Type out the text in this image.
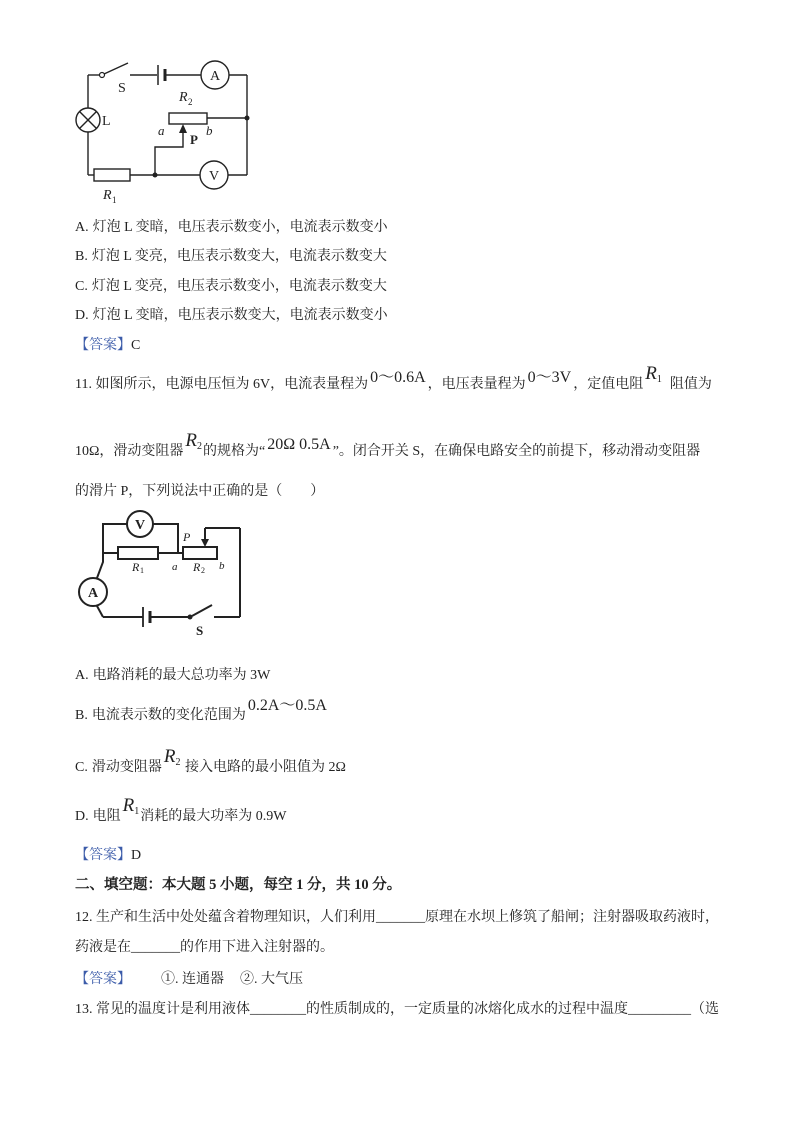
A
S
R 2
a	b
P
L
V
R 1
A. 灯泡 L 变暗，电压表示数变小，电流表示数变小
B. 灯泡 L 变亮，电压表示数变大，电流表示数变大
C. 灯泡 L 变亮，电压表示数变小，电流表示数变大
D. 灯泡 L 变暗，电压表示数变大，电流表示数变小
【答案】C
11. 如图所示，电源电压恒为 6V，电流表量程为 0～0.6A ，电压表量程为 0～3V ，定值电阻R1 阻值为
10Ω，滑动变阻器R2的规格为“ 20Ω 0.5A ”。闭合开关 S，在确保电路安全的前提下，移动滑动变阻器
的滑片 P，下列说法中正确的是（　　）
V
P
A
R 1	a R 2 b
S
A. 电路消耗的最大总功率为 3W
B. 电流表示数的变化范围为0.2A～0.5A
C. 滑动变阻器R2 接入电路的最小阻值为 2Ω
D. 电阻R1消耗的最大功率为 0.9W
【答案】D
二、填空题：本大题 5 小题，每空 1 分，共 10 分。
12. 生产和生活中处处蕴含着物理知识，人们利用_______原理在水坝上修筑了船闸；注射器吸取药液时，
药液是在_______的作用下进入注射器的。
【答案】 ①. 连通器 ②. 大气压
13. 常见的温度计是利用液体________的性质制成的，一定质量的冰熔化成水的过程中温度_________（选
